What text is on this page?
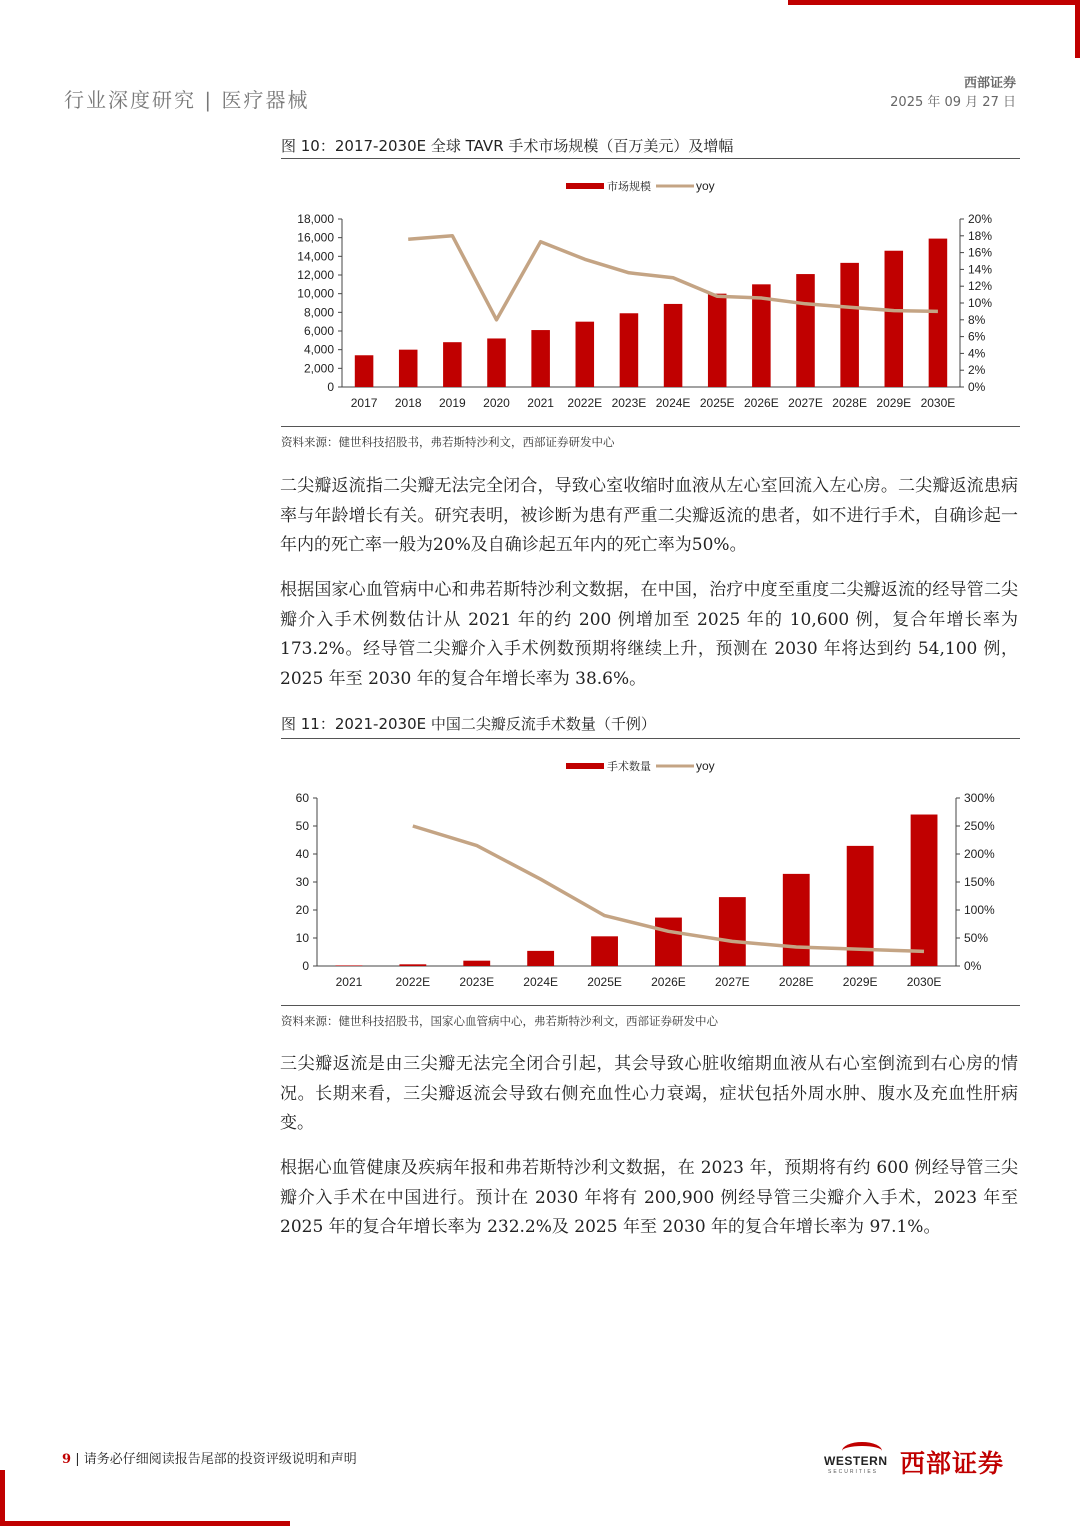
行业深度研究 | 医疗器械
西部证券
2025 年 09 月 27 日
图 10：2017-2030E 全球 TAVR 手术市场规模（百万美元）及增幅
市场规模	yoy
0
2,000
4,000
6,000
8,000
10,000
12,000
14,000
16,000
18,000
0%
2%
4%
6%
8%
10%
12%
14%
16%
18%
20%
2017 2018 2019 2020 2021 2022E 2023E 2024E 2025E 2026E 2027E 2028E 2029E 2030E
资料来源：健世科技招股书，弗若斯特沙利文，西部证券研发中心
二尖瓣返流指二尖瓣无法完全闭合，导致心室收缩时血液从左心室回流入左心房。二尖瓣返流患病率与年龄增长有关。研究表明，被诊断为患有严重二尖瓣返流的患者，如不进行手术，自确诊起一年内的死亡率一般为20%及自确诊起五年内的死亡率为50%。
根据国家心血管病中心和弗若斯特沙利文数据，在中国，治疗中度至重度二尖瓣返流的经导管二尖瓣介入手术例数估计从 2021 年的约 200 例增加至 2025 年的 10,600 例，复合年增长率为 173.2%。经导管二尖瓣介入手术例数预期将继续上升，预测在 2030 年将达到约 54,100 例，2025 年至 2030 年的复合年增长率为 38.6%。
图 11：2021-2030E 中国二尖瓣反流手术数量（千例）
手术数量	yoy
0
10
20
30
40
50
60
0%
50%
100%
150%
200%
250%
300%
2021	2022E 2023E 2024E 2025E 2026E 2027E 2028E 2029E 2030E
资料来源：健世科技招股书，国家心血管病中心，弗若斯特沙利文，西部证券研发中心
三尖瓣返流是由三尖瓣无法完全闭合引起，其会导致心脏收缩期血液从右心室倒流到右心房的情况。长期来看，三尖瓣返流会导致右侧充血性心力衰竭，症状包括外周水肿、腹水及充血性肝病变。
根据心血管健康及疾病年报和弗若斯特沙利文数据，在 2023 年，预期将有约 600 例经导管三尖瓣介入手术在中国进行。预计在 2030 年将有 200,900 例经导管三尖瓣介入手术，2023 年至 2025 年的复合年增长率为 232.2%及 2025 年至 2030 年的复合年增长率为 97.1%。
9 | 请务必仔细阅读报告尾部的投资评级说明和声明	WESTERN
SECURITIES 西部证券
